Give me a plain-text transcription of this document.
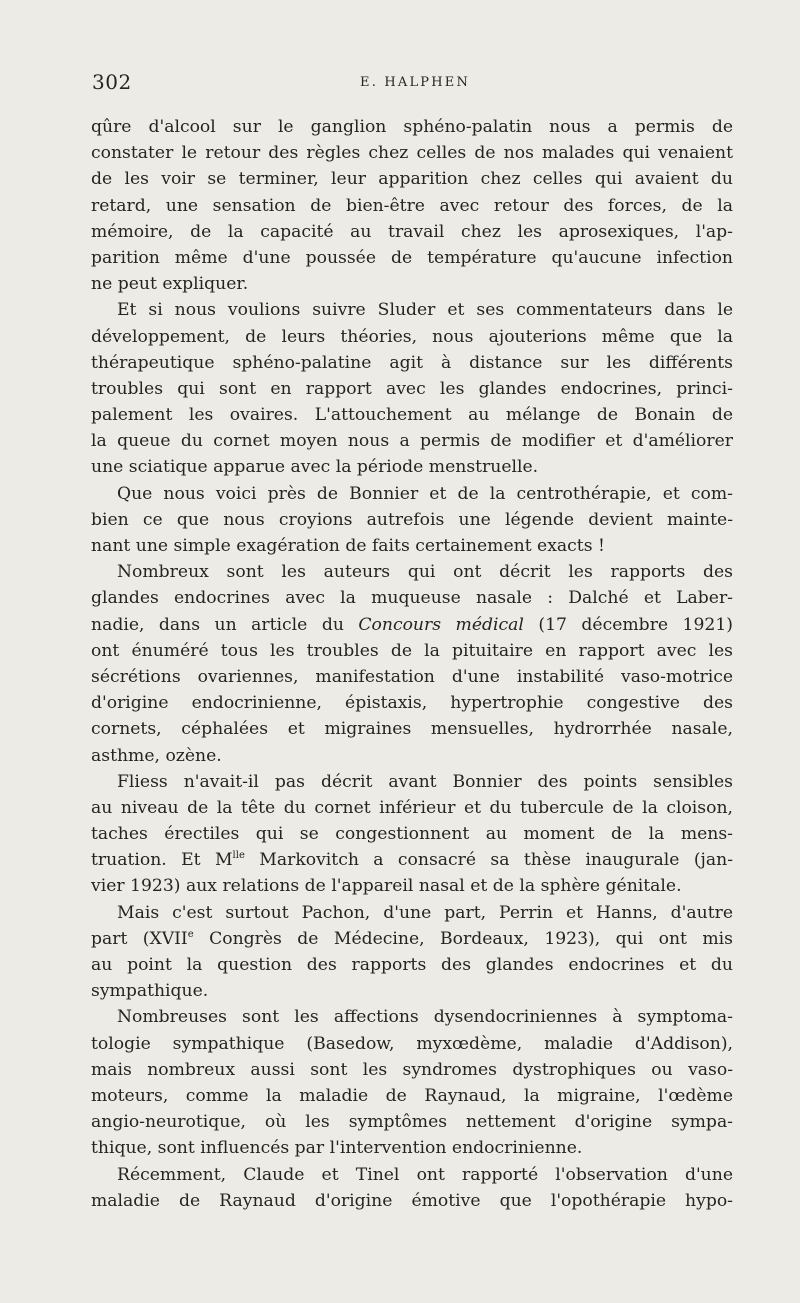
302	E. HALPHEN
qûre d'alcool sur le ganglion sphéno-palatin nous a permis de
constater le retour des règles chez celles de nos malades qui venaient
de les voir se terminer, leur apparition chez celles qui avaient du
retard, une sensation de bien-être avec retour des forces, de la
mémoire, de la capacité au travail chez les aprosexiques, l'ap-
parition même d'une poussée de température qu'aucune infection
ne peut expliquer.
Et si nous voulions suivre Sluder et ses commentateurs dans le
développement, de leurs théories, nous ajouterions même que la
thérapeutique sphéno-palatine agit à distance sur les différents
troubles qui sont en rapport avec les glandes endocrines, princi-
palement les ovaires. L'attouchement au mélange de Bonain de
la queue du cornet moyen nous a permis de modifier et d'améliorer
une sciatique apparue avec la période menstruelle.
Que nous voici près de Bonnier et de la centrothérapie, et com-
bien ce que nous croyions autrefois une légende devient mainte-
nant une simple exagération de faits certainement exacts !
Nombreux sont les auteurs qui ont décrit les rapports des
glandes endocrines avec la muqueuse nasale : Dalché et Laber-
nadie, dans un article du Concours médical (17 décembre 1921)
ont énuméré tous les troubles de la pituitaire en rapport avec les
sécrétions ovariennes, manifestation d'une instabilité vaso-motrice
d'origine endocrinienne, épistaxis, hypertrophie congestive des
cornets, céphalées et migraines mensuelles, hydrorrhée nasale,
asthme, ozène.
Fliess n'avait-il pas décrit avant Bonnier des points sensibles
au niveau de la tête du cornet inférieur et du tubercule de la cloison,
taches érectiles qui se congestionnent au moment de la mens-
truation. Et $M^{lle}$ Markovitch a consacré sa thèse inaugurale (jan-
vier 1923) aux relations de l'appareil nasal et de la sphère génitale.
Mais c'est surtout Pachon, d'une part, Perrin et Hanns, d'autre
part (XVIIe Congrès de Médecine, Bordeaux, 1923), qui ont mis
au point la question des rapports des glandes endocrines et du
sympathique.
Nombreuses sont les affections dysendocriniennes à symptoma-
tologie sympathique (Basedow, myxœdème, maladie d'Addison),
mais nombreux aussi sont les syndromes dystrophiques ou vaso-
moteurs, comme la maladie de Raynaud, la migraine, l'œdème
angio-neurotique, où les symptômes nettement d'origine sympa-
thique, sont influencés par l'intervention endocrinienne.
Récemment, Claude et Tinel ont rapporté l'observation d'une
maladie de Raynaud d'origine émotive que l'opothérapie hypo-
